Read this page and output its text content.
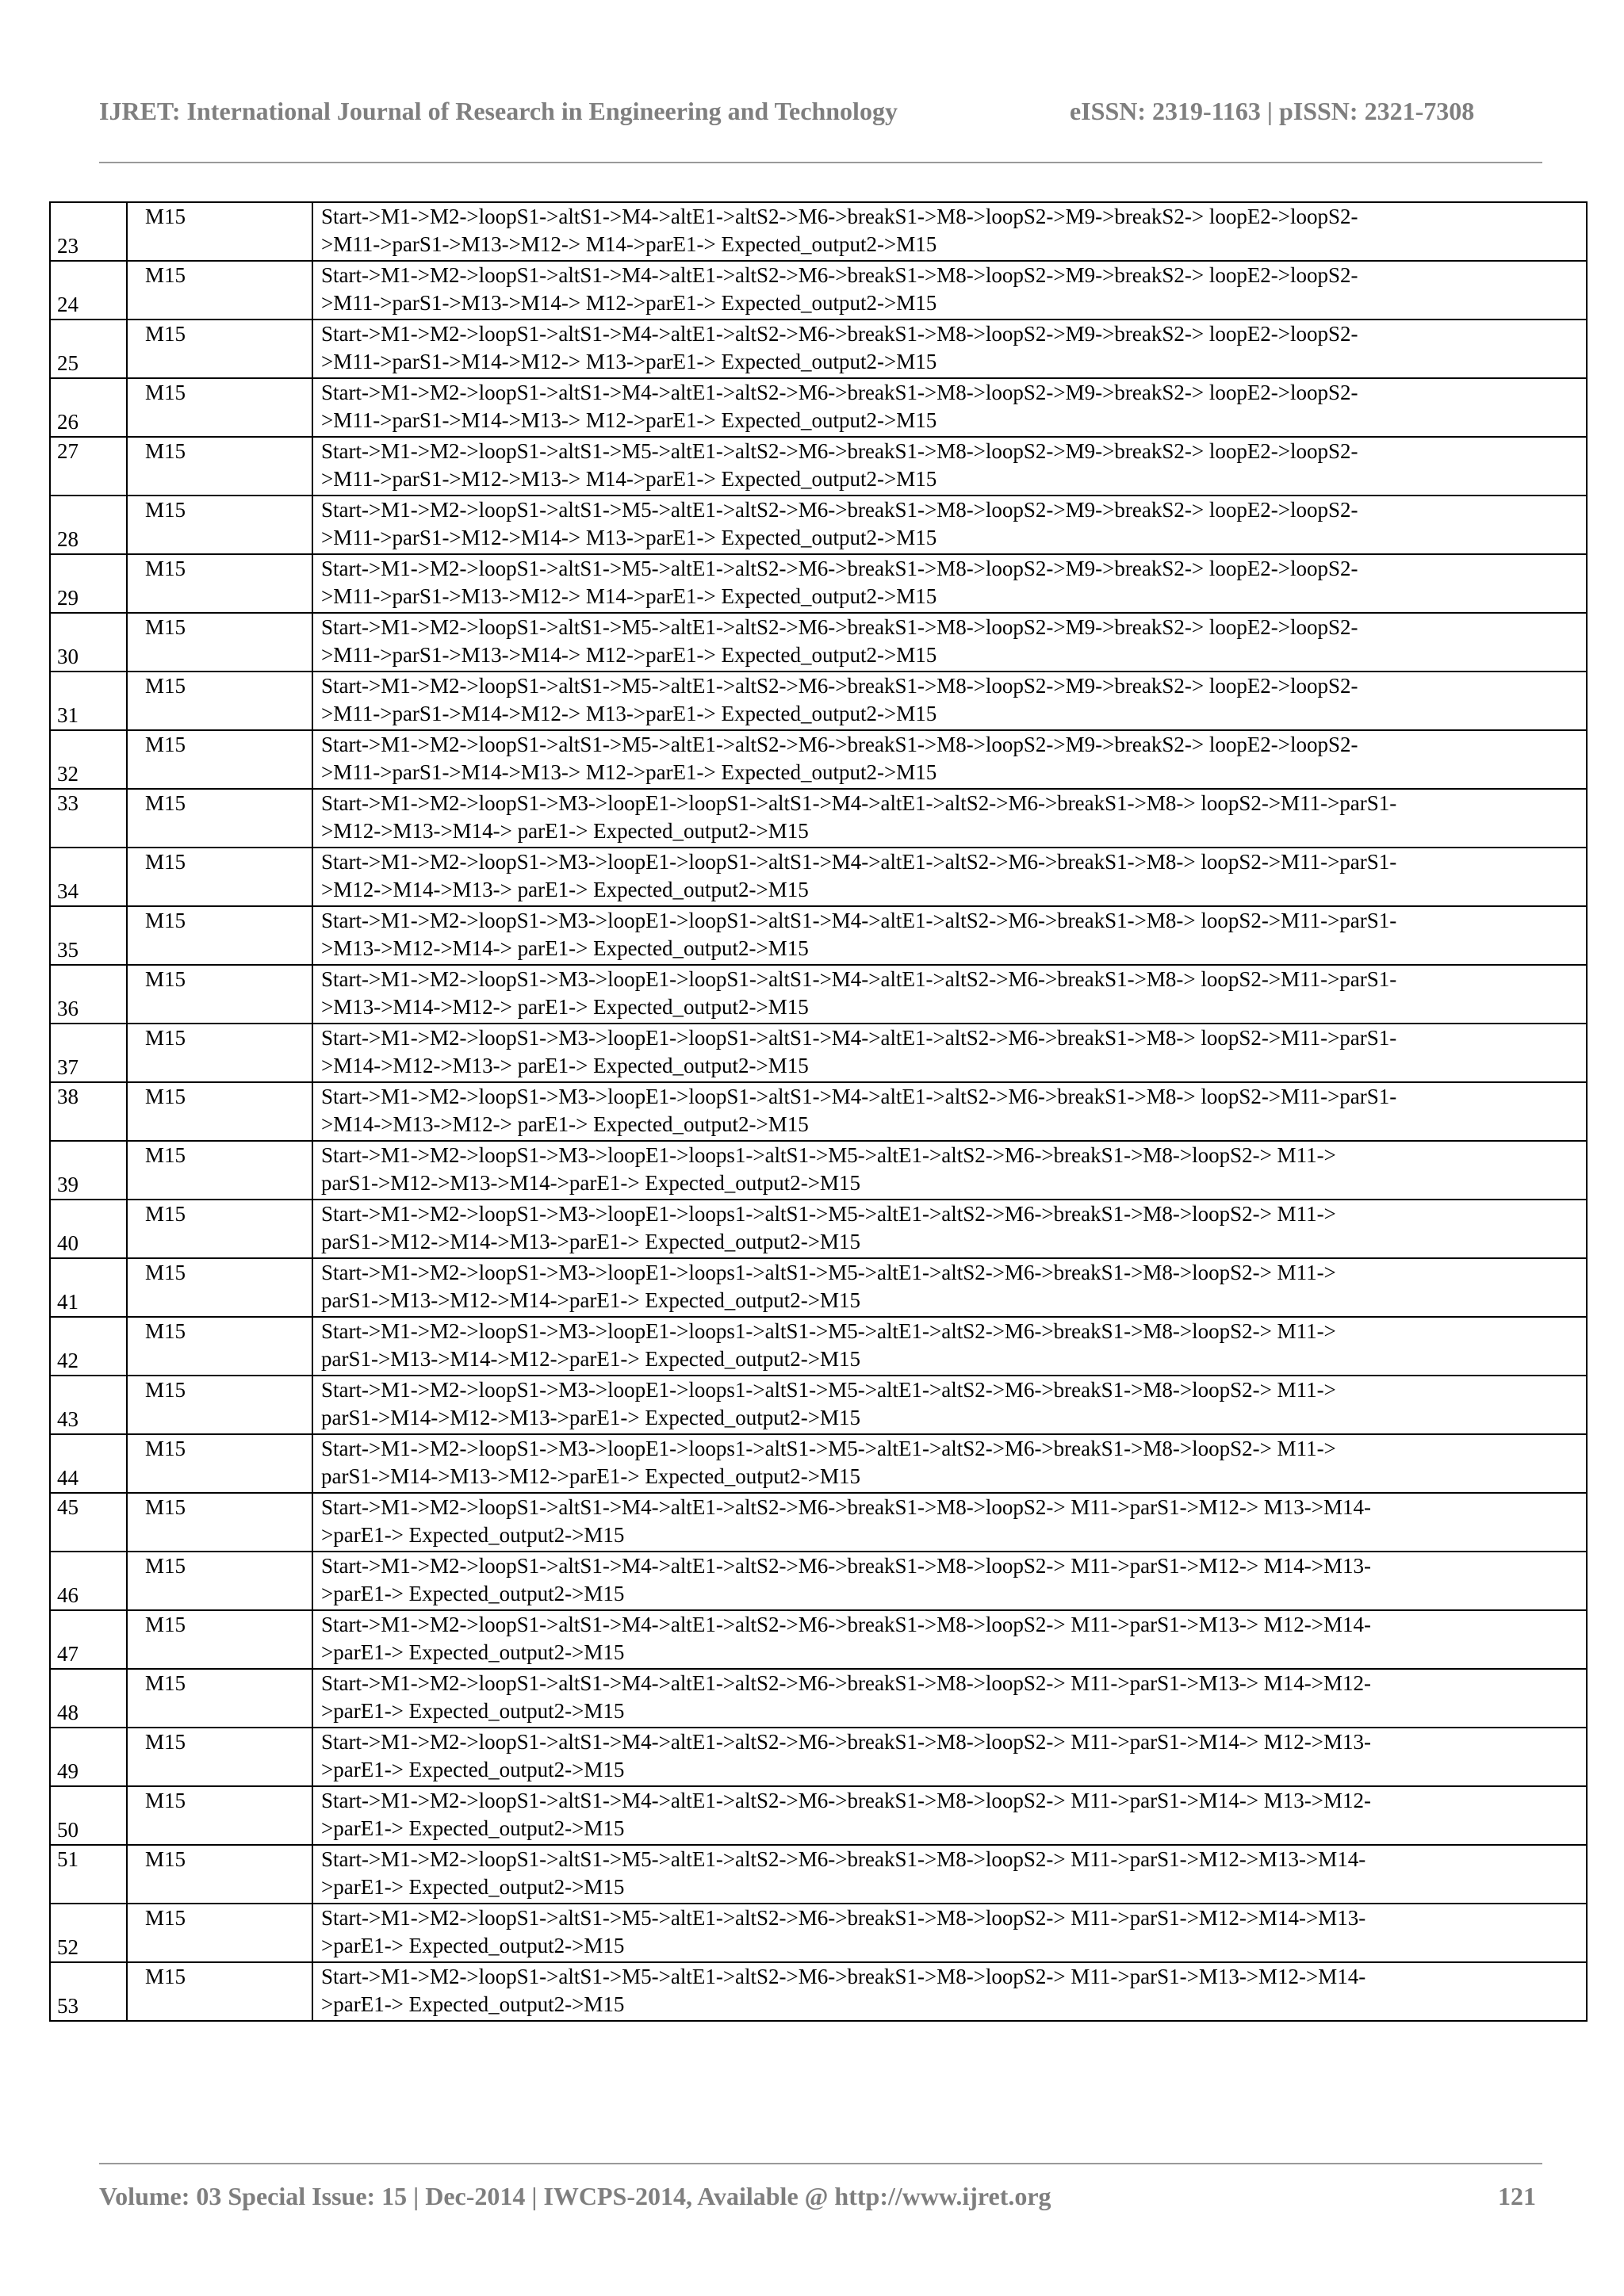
IJRET: International Journal of Research in Engineering and Technology	eISSN: 2319-1163 | pISSN: 2321-7308
23	M15	Start->M1->M2->loopS1->altS1->M4->altE1->altS2->M6->breakS1->M8->loopS2->M9->breakS2-> loopE2->loopS2-
>M11->parS1->M13->M12-> M14->parE1-> Expected_output2->M15

24	M15	Start->M1->M2->loopS1->altS1->M4->altE1->altS2->M6->breakS1->M8->loopS2->M9->breakS2-> loopE2->loopS2-
>M11->parS1->M13->M14-> M12->parE1-> Expected_output2->M15

25	M15	Start->M1->M2->loopS1->altS1->M4->altE1->altS2->M6->breakS1->M8->loopS2->M9->breakS2-> loopE2->loopS2-
>M11->parS1->M14->M12-> M13->parE1-> Expected_output2->M15

26	M15	Start->M1->M2->loopS1->altS1->M4->altE1->altS2->M6->breakS1->M8->loopS2->M9->breakS2-> loopE2->loopS2-
>M11->parS1->M14->M13-> M12->parE1-> Expected_output2->M15

27	M15	Start->M1->M2->loopS1->altS1->M5->altE1->altS2->M6->breakS1->M8->loopS2->M9->breakS2-> loopE2->loopS2-
>M11->parS1->M12->M13-> M14->parE1-> Expected_output2->M15

28	M15	Start->M1->M2->loopS1->altS1->M5->altE1->altS2->M6->breakS1->M8->loopS2->M9->breakS2-> loopE2->loopS2-
>M11->parS1->M12->M14-> M13->parE1-> Expected_output2->M15

29	M15	Start->M1->M2->loopS1->altS1->M5->altE1->altS2->M6->breakS1->M8->loopS2->M9->breakS2-> loopE2->loopS2-
>M11->parS1->M13->M12-> M14->parE1-> Expected_output2->M15

30	M15	Start->M1->M2->loopS1->altS1->M5->altE1->altS2->M6->breakS1->M8->loopS2->M9->breakS2-> loopE2->loopS2-
>M11->parS1->M13->M14-> M12->parE1-> Expected_output2->M15

31	M15	Start->M1->M2->loopS1->altS1->M5->altE1->altS2->M6->breakS1->M8->loopS2->M9->breakS2-> loopE2->loopS2-
>M11->parS1->M14->M12-> M13->parE1-> Expected_output2->M15

32	M15	Start->M1->M2->loopS1->altS1->M5->altE1->altS2->M6->breakS1->M8->loopS2->M9->breakS2-> loopE2->loopS2-
>M11->parS1->M14->M13-> M12->parE1-> Expected_output2->M15

33	M15	Start->M1->M2->loopS1->M3->loopE1->loopS1->altS1->M4->altE1->altS2->M6->breakS1->M8-> loopS2->M11->parS1-
>M12->M13->M14-> parE1-> Expected_output2->M15

34	M15	Start->M1->M2->loopS1->M3->loopE1->loopS1->altS1->M4->altE1->altS2->M6->breakS1->M8-> loopS2->M11->parS1-
>M12->M14->M13-> parE1-> Expected_output2->M15

35	M15	Start->M1->M2->loopS1->M3->loopE1->loopS1->altS1->M4->altE1->altS2->M6->breakS1->M8-> loopS2->M11->parS1-
>M13->M12->M14-> parE1-> Expected_output2->M15

36	M15	Start->M1->M2->loopS1->M3->loopE1->loopS1->altS1->M4->altE1->altS2->M6->breakS1->M8-> loopS2->M11->parS1-
>M13->M14->M12-> parE1-> Expected_output2->M15

37	M15	Start->M1->M2->loopS1->M3->loopE1->loopS1->altS1->M4->altE1->altS2->M6->breakS1->M8-> loopS2->M11->parS1-
>M14->M12->M13-> parE1-> Expected_output2->M15

38	M15	Start->M1->M2->loopS1->M3->loopE1->loopS1->altS1->M4->altE1->altS2->M6->breakS1->M8-> loopS2->M11->parS1-
>M14->M13->M12-> parE1-> Expected_output2->M15

39	M15	Start->M1->M2->loopS1->M3->loopE1->loops1->altS1->M5->altE1->altS2->M6->breakS1->M8->loopS2-> M11->
parS1->M12->M13->M14->parE1-> Expected_output2->M15

40	M15	Start->M1->M2->loopS1->M3->loopE1->loops1->altS1->M5->altE1->altS2->M6->breakS1->M8->loopS2-> M11->
parS1->M12->M14->M13->parE1-> Expected_output2->M15

41	M15	Start->M1->M2->loopS1->M3->loopE1->loops1->altS1->M5->altE1->altS2->M6->breakS1->M8->loopS2-> M11->
parS1->M13->M12->M14->parE1-> Expected_output2->M15

42	M15	Start->M1->M2->loopS1->M3->loopE1->loops1->altS1->M5->altE1->altS2->M6->breakS1->M8->loopS2-> M11->
parS1->M13->M14->M12->parE1-> Expected_output2->M15

43	M15	Start->M1->M2->loopS1->M3->loopE1->loops1->altS1->M5->altE1->altS2->M6->breakS1->M8->loopS2-> M11->
parS1->M14->M12->M13->parE1-> Expected_output2->M15

44	M15	Start->M1->M2->loopS1->M3->loopE1->loops1->altS1->M5->altE1->altS2->M6->breakS1->M8->loopS2-> M11->
parS1->M14->M13->M12->parE1-> Expected_output2->M15

45	M15	Start->M1->M2->loopS1->altS1->M4->altE1->altS2->M6->breakS1->M8->loopS2-> M11->parS1->M12-> M13->M14-
>parE1-> Expected_output2->M15

46	M15	Start->M1->M2->loopS1->altS1->M4->altE1->altS2->M6->breakS1->M8->loopS2-> M11->parS1->M12-> M14->M13-
>parE1-> Expected_output2->M15

47	M15	Start->M1->M2->loopS1->altS1->M4->altE1->altS2->M6->breakS1->M8->loopS2-> M11->parS1->M13-> M12->M14-
>parE1-> Expected_output2->M15

48	M15	Start->M1->M2->loopS1->altS1->M4->altE1->altS2->M6->breakS1->M8->loopS2-> M11->parS1->M13-> M14->M12-
>parE1-> Expected_output2->M15

49	M15	Start->M1->M2->loopS1->altS1->M4->altE1->altS2->M6->breakS1->M8->loopS2-> M11->parS1->M14-> M12->M13-
>parE1-> Expected_output2->M15

50	M15	Start->M1->M2->loopS1->altS1->M4->altE1->altS2->M6->breakS1->M8->loopS2-> M11->parS1->M14-> M13->M12-
>parE1-> Expected_output2->M15

51	M15	Start->M1->M2->loopS1->altS1->M5->altE1->altS2->M6->breakS1->M8->loopS2-> M11->parS1->M12->M13->M14-
>parE1-> Expected_output2->M15

52	M15	Start->M1->M2->loopS1->altS1->M5->altE1->altS2->M6->breakS1->M8->loopS2-> M11->parS1->M12->M14->M13-
>parE1-> Expected_output2->M15

53	M15	Start->M1->M2->loopS1->altS1->M5->altE1->altS2->M6->breakS1->M8->loopS2-> M11->parS1->M13->M12->M14-
>parE1-> Expected_output2->M15
Volume: 03 Special Issue: 15 | Dec-2014 | IWCPS-2014, Available @ http://www.ijret.org	121
